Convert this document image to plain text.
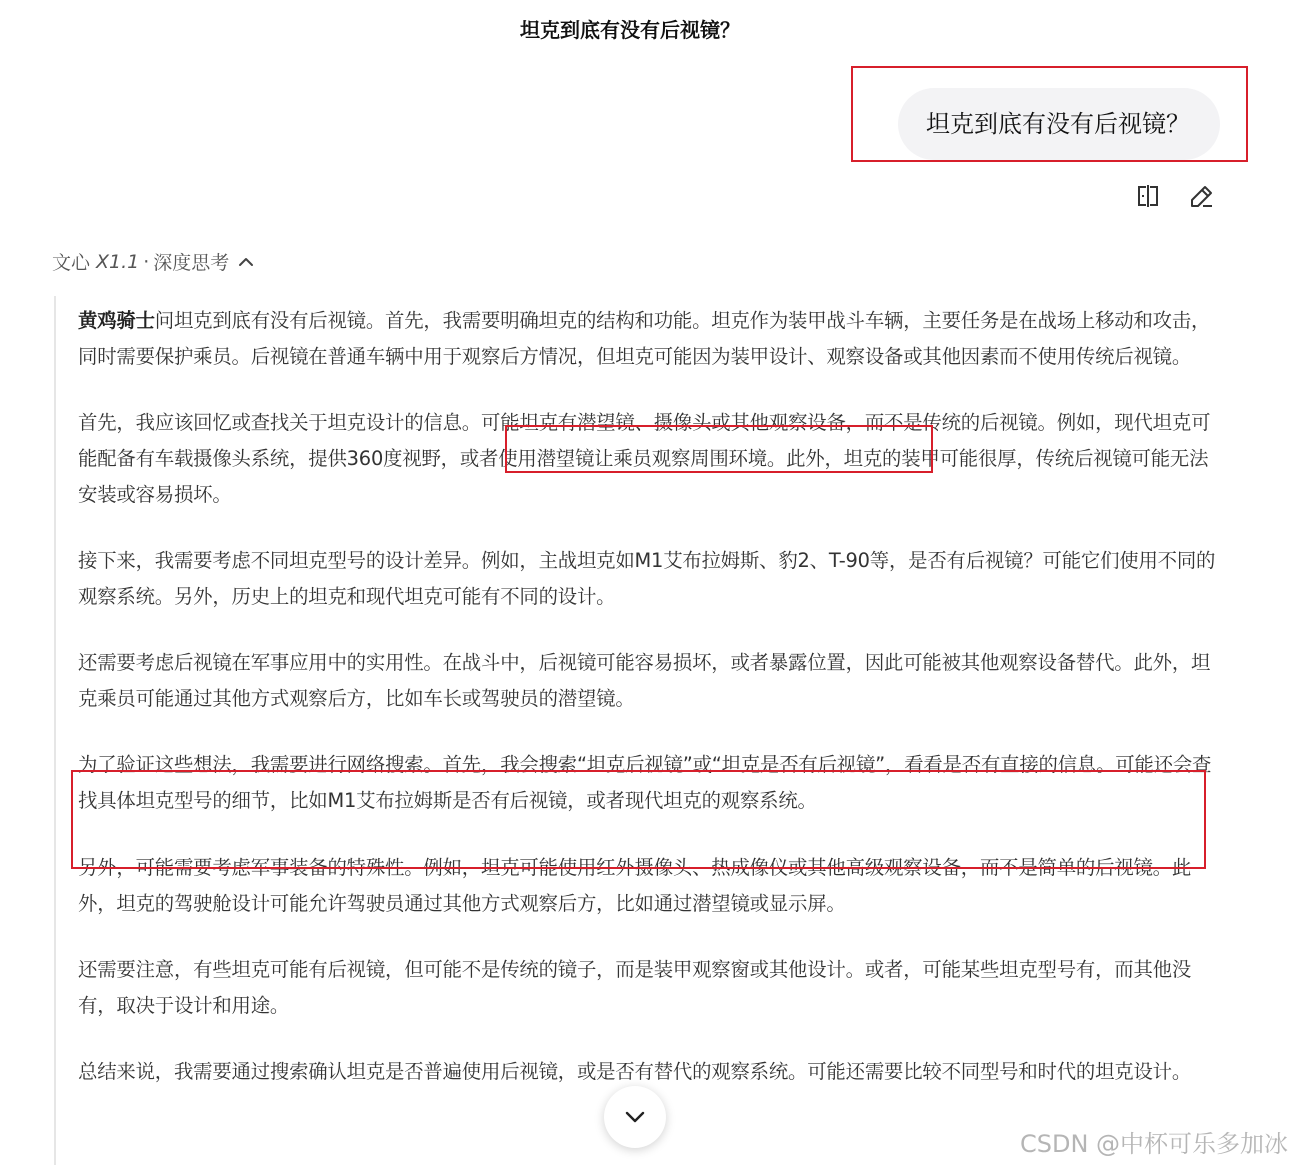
坦克到底有没有后视镜？
坦克到底有没有后视镜？
文心 X1.1 · 深度思考

黄鸡骑士问坦克到底有没有后视镜。首先，我需要明确坦克的结构和功能。坦克作为装甲战斗车辆，主要任务是在战场上移动和攻击，同时需要保护乘员。后视镜在普通车辆中用于观察后方情况，但坦克可能因为装甲设计、观察设备或其他因素而不使用传统后视镜。

首先，我应该回忆或查找关于坦克设计的信息。可能坦克有潜望镜、摄像头或其他观察设备，而不是传统的后视镜。例如，现代坦克可能配备有车载摄像头系统，提供360度视野，或者使用潜望镜让乘员观察周围环境。此外，坦克的装甲可能很厚，传统后视镜可能无法安装或容易损坏。

接下来，我需要考虑不同坦克型号的设计差异。例如，主战坦克如M1艾布拉姆斯、豹2、T-90等，是否有后视镜？可能它们使用不同的观察系统。另外，历史上的坦克和现代坦克可能有不同的设计。

还需要考虑后视镜在军事应用中的实用性。在战斗中，后视镜可能容易损坏，或者暴露位置，因此可能被其他观察设备替代。此外，坦克乘员可能通过其他方式观察后方，比如车长或驾驶员的潜望镜。

为了验证这些想法，我需要进行网络搜索。首先，我会搜索“坦克后视镜”或“坦克是否有后视镜”，看看是否有直接的信息。可能还会查找具体坦克型号的细节，比如M1艾布拉姆斯是否有后视镜，或者现代坦克的观察系统。

另外，可能需要考虑军事装备的特殊性。例如，坦克可能使用红外摄像头、热成像仪或其他高级观察设备，而不是简单的后视镜。此外，坦克的驾驶舱设计可能允许驾驶员通过其他方式观察后方，比如通过潜望镜或显示屏。

还需要注意，有些坦克可能有后视镜，但可能不是传统的镜子，而是装甲观察窗或其他设计。或者，可能某些坦克型号有，而其他没有，取决于设计和用途。

总结来说，我需要通过搜索确认坦克是否普遍使用后视镜，或是否有替代的观察系统。可能还需要比较不同型号和时代的坦克设计。

CSDN @中杯可乐多加冰
